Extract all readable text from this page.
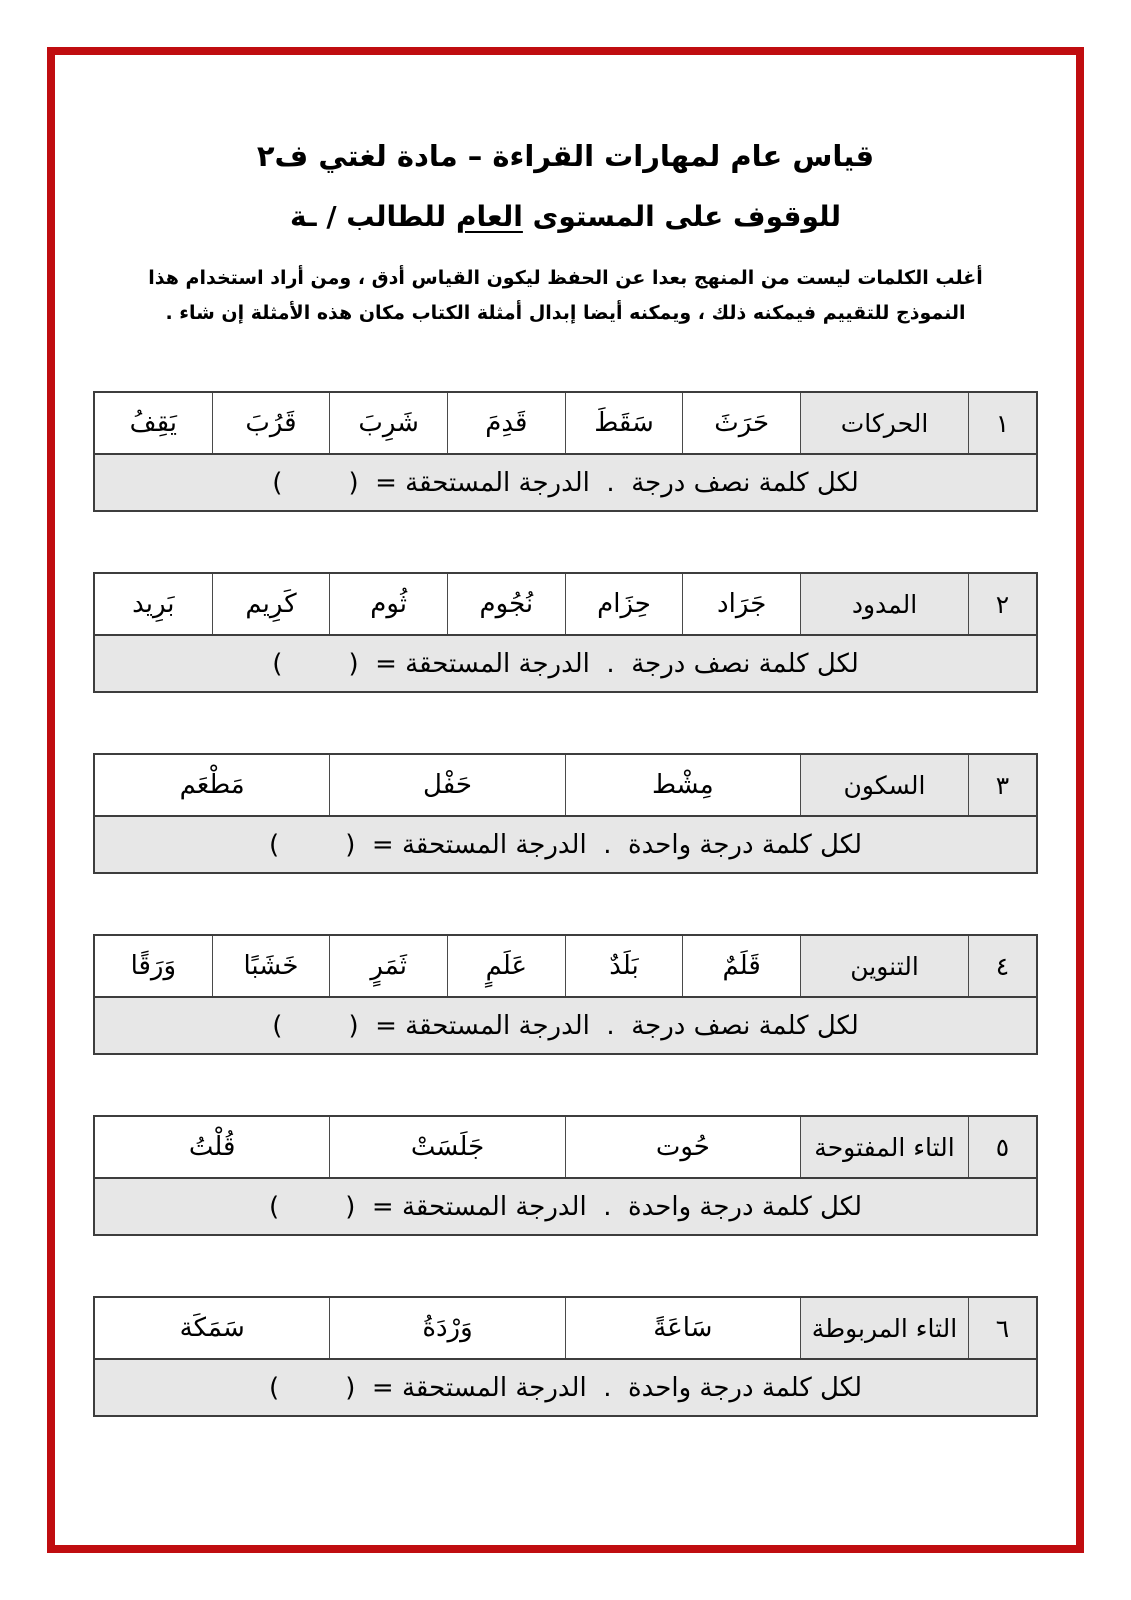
قياس عام لمهارات القراءة – مادة لغتي ف٢
للوقوف على المستوى العام للطالب / ـة
أغلب الكلمات ليست من المنهج بعدا عن الحفظ ليكون القياس أدق ، ومن أراد استخدام هذا
النموذج للتقييم فيمكنه ذلك ، ويمكنه أيضا إبدال أمثلة الكتاب مكان هذه الأمثلة إن شاء .
١
الحركات
حَرَثَ
سَقَطَ
قَدِمَ
شَرِبَ
قَرُبَ
يَقِفُ
لكل كلمة نصف درجة  .  الدرجة المستحقة =  (        )
٢
المدود
جَرَاد
حِزَام
نُجُوم
ثُوم
كَرِيم
بَرِيد
لكل كلمة نصف درجة  .  الدرجة المستحقة =  (        )
٣
السكون
مِشْط
حَفْل
مَطْعَم
لكل كلمة درجة واحدة  .  الدرجة المستحقة =  (        )
٤
التنوين
قَلَمٌ
بَلَدٌ
عَلَمٍ
ثَمَرٍ
خَشَبًا
وَرَقًا
لكل كلمة نصف درجة  .  الدرجة المستحقة =  (        )
٥
التاء المفتوحة
حُوت
جَلَسَتْ
قُلْتُ
لكل كلمة درجة واحدة  .  الدرجة المستحقة =  (        )
٦
التاء المربوطة
سَاعَةً
وَرْدَةُ
سَمَكَة
لكل كلمة درجة واحدة  .  الدرجة المستحقة =  (        )
